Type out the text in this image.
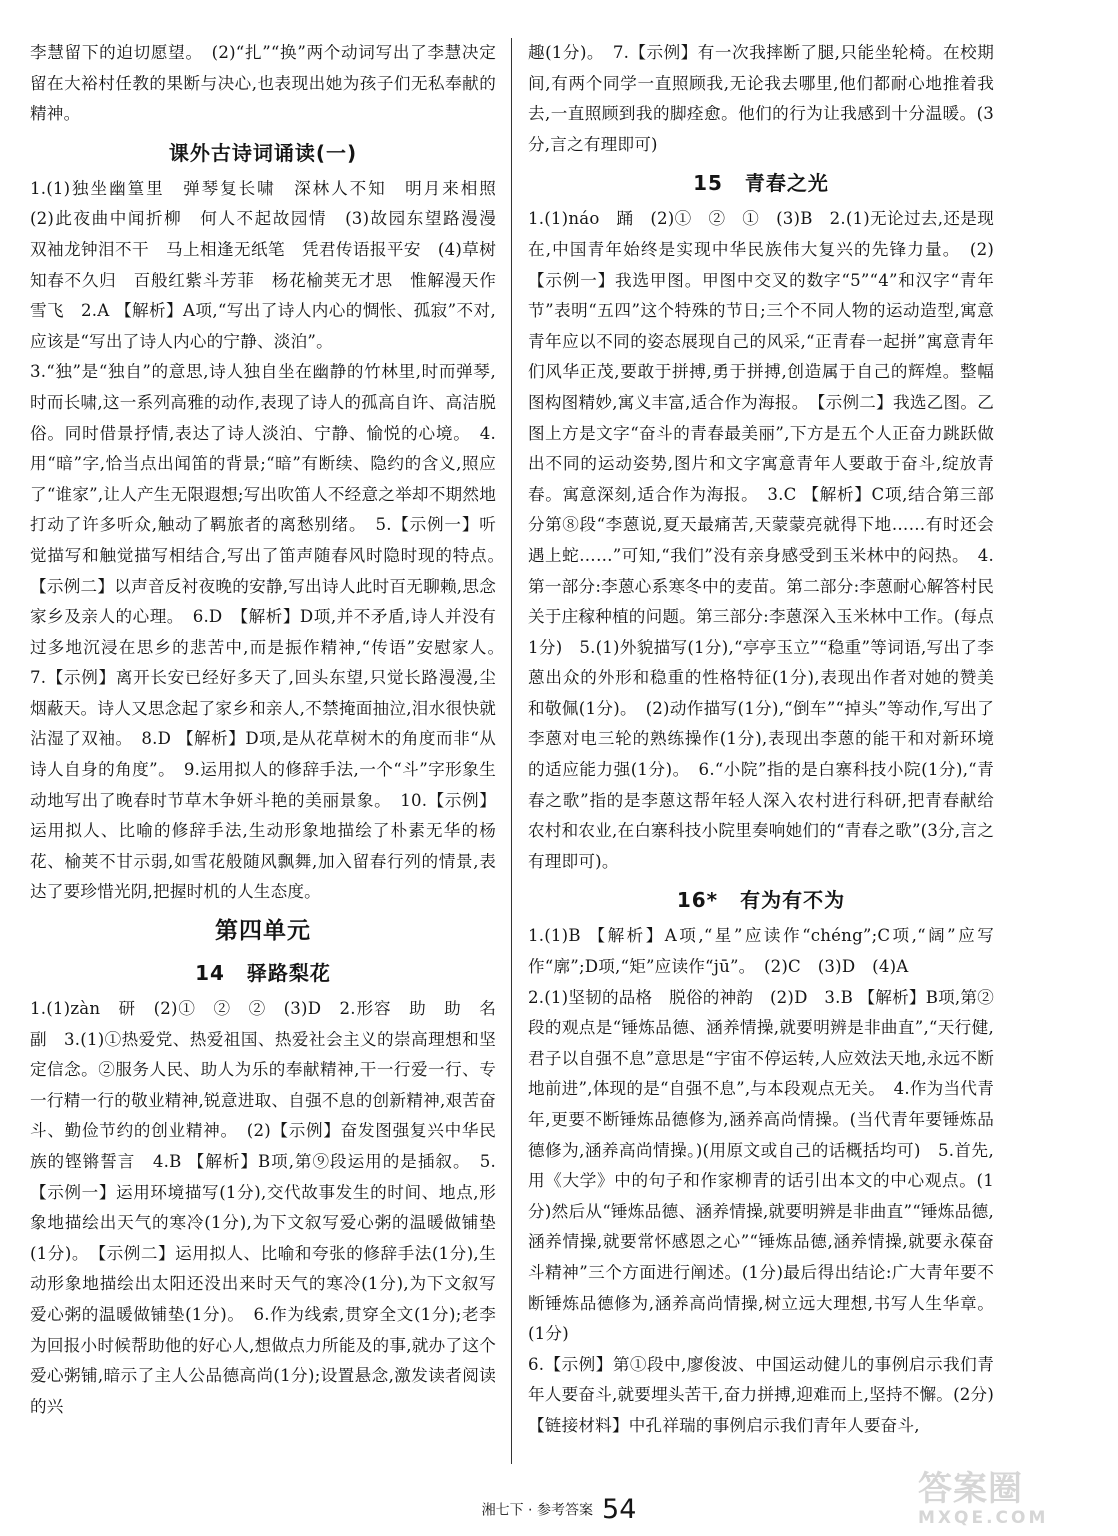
李慧留下的迫切愿望。　(2)“扎”“换”两个动词写出了李慧决定留在大裕村任教的果断与决心,也表现出她为孩子们无私奉献的精神。

课外古诗词诵读(一)

1.(1)独坐幽篁里　弹琴复长啸　深林人不知　明月来相照　(2)此夜曲中闻折柳　何人不起故园情　(3)故园东望路漫漫　双袖龙钟泪不干　马上相逢无纸笔　凭君传语报平安　(4)草树知春不久归　百般红紫斗芳菲　杨花榆荚无才思　惟解漫天作雪飞　2.A 【解析】A项,“写出了诗人内心的惆怅、孤寂”不对,应该是“写出了诗人内心的宁静、淡泊”。

3.“独”是“独自”的意思,诗人独自坐在幽静的竹林里,时而弹琴,时而长啸,这一系列高雅的动作,表现了诗人的孤高自许、高洁脱俗。同时借景抒情,表达了诗人淡泊、宁静、愉悦的心境。　4.用“暗”字,恰当点出闻笛的背景;“暗”有断续、隐约的含义,照应了“谁家”,让人产生无限遐想;写出吹笛人不经意之举却不期然地打动了许多听众,触动了羁旅者的离愁别绪。　5.【示例一】听觉描写和触觉描写相结合,写出了笛声随春风时隐时现的特点。　【示例二】以声音反衬夜晚的安静,写出诗人此时百无聊赖,思念家乡及亲人的心理。　6.D　【解析】D项,并不矛盾,诗人并没有过多地沉浸在思乡的悲苦中,而是振作精神,“传语”安慰家人。　7.【示例】离开长安已经好多天了,回头东望,只觉长路漫漫,尘烟蔽天。诗人又思念起了家乡和亲人,不禁掩面抽泣,泪水很快就沾湿了双袖。　8.D 【解析】D项,是从花草树木的角度而非“从诗人自身的角度”。　9.运用拟人的修辞手法,一个“斗”字形象生动地写出了晚春时节草木争妍斗艳的美丽景象。　10.【示例】运用拟人、比喻的修辞手法,生动形象地描绘了朴素无华的杨花、榆荚不甘示弱,如雪花般随风飘舞,加入留春行列的情景,表达了要珍惜光阴,把握时机的人生态度。

第四单元
14 驿路梨花

1.(1)zàn　研　(2)①　②　②　(3)D　2.形容　助　助　名　副　3.(1)①热爱党、热爱祖国、热爱社会主义的崇高理想和坚定信念。②服务人民、助人为乐的奉献精神,干一行爱一行、专一行精一行的敬业精神,锐意进取、自强不息的创新精神,艰苦奋斗、勤俭节约的创业精神。　(2)【示例】奋发图强复兴中华民族的铿锵誓言　4.B 【解析】B项,第⑨段运用的是插叙。　5.【示例一】运用环境描写(1分),交代故事发生的时间、地点,形象地描绘出天气的寒冷(1分),为下文叙写爱心粥的温暖做铺垫(1分)。　【示例二】运用拟人、比喻和夸张的修辞手法(1分),生动形象地描绘出太阳还没出来时天气的寒冷(1分),为下文叙写爱心粥的温暖做铺垫(1分)。　6.作为线索,贯穿全文(1分);老李为回报小时候帮助他的好心人,想做点力所能及的事,就办了这个爱心粥铺,暗示了主人公品德高尚(1分);设置悬念,激发读者阅读的兴

趣(1分)。　7.【示例】有一次我摔断了腿,只能坐轮椅。在校期间,有两个同学一直照顾我,无论我去哪里,他们都耐心地推着我去,一直照顾到我的脚痊愈。他们的行为让我感到十分温暖。(3分,言之有理即可)

15 青春之光

1.(1)náo　踊　(2)①　②　①　(3)B　2.(1)无论过去,还是现在,中国青年始终是实现中华民族伟大复兴的先锋力量。　(2)【示例一】我选甲图。甲图中交叉的数字“5”“4”和汉字“青年节”表明“五四”这个特殊的节日;三个不同人物的运动造型,寓意青年应以不同的姿态展现自己的风采,“正青春一起拼”寓意青年们风华正茂,要敢于拼搏,勇于拼搏,创造属于自己的辉煌。整幅图构图精妙,寓义丰富,适合作为海报。　【示例二】我选乙图。乙图上方是文字“奋斗的青春最美丽”,下方是五个人正奋力跳跃做出不同的运动姿势,图片和文字寓意青年人要敢于奋斗,绽放青春。寓意深刻,适合作为海报。　3.C 【解析】C项,结合第三部分第⑧段“李蒽说,夏天最痛苦,天蒙蒙亮就得下地……有时还会遇上蛇……”可知,“我们”没有亲身感受到玉米林中的闷热。　4.第一部分:李蒽心系寒冬中的麦苗。第二部分:李蒽耐心解答村民关于庄稼种植的问题。第三部分:李蒽深入玉米林中工作。(每点1分)　5.(1)外貌描写(1分),“亭亭玉立”“稳重”等词语,写出了李蒽出众的外形和稳重的性格特征(1分),表现出作者对她的赞美和敬佩(1分)。　(2)动作描写(1分),“倒车”“掉头”等动作,写出了李蒽对电三轮的熟练操作(1分),表现出李蒽的能干和对新环境的适应能力强(1分)。　6.“小院”指的是白寨科技小院(1分),“青春之歌”指的是李蒽这帮年轻人深入农村进行科研,把青春献给农村和农业,在白寨科技小院里奏响她们的“青春之歌”(3分,言之有理即可)。

16* 有为有不为

1.(1)B 【解析】A项,“星”应读作“chéng”;C项,“阔”应写作“廓”;D项,“矩”应读作“jū”。　(2)C　(3)D　(4)A

2.(1)坚韧的品格　脱俗的神韵　(2)D　3.B 【解析】B项,第②段的观点是“锤炼品德、涵养情操,就要明辨是非曲直”,“天行健,君子以自强不息”意思是“宇宙不停运转,人应效法天地,永远不断地前进”,体现的是“自强不息”,与本段观点无关。　4.作为当代青年,更要不断锤炼品德修为,涵养高尚情操。(当代青年要锤炼品德修为,涵养高尚情操。)(用原文或自己的话概括均可)　5.首先,用《大学》中的句子和作家柳青的话引出本文的中心观点。(1分)然后从“锤炼品德、涵养情操,就要明辨是非曲直”“锤炼品德,涵养情操,就要常怀感恩之心”“锤炼品德,涵养情操,就要永葆奋斗精神”三个方面进行阐述。(1分)最后得出结论:广大青年要不断锤炼品德修为,涵养高尚情操,树立远大理想,书写人生华章。(1分)

6.【示例】第①段中,廖俊波、中国运动健儿的事例启示我们青年人要奋斗,就要埋头苦干,奋力拼搏,迎难而上,坚持不懈。(2分)【链接材料】中孔祥瑞的事例启示我们青年人要奋斗,

湘七下 · 参考答案 54
答案圈
MXQE.COM
